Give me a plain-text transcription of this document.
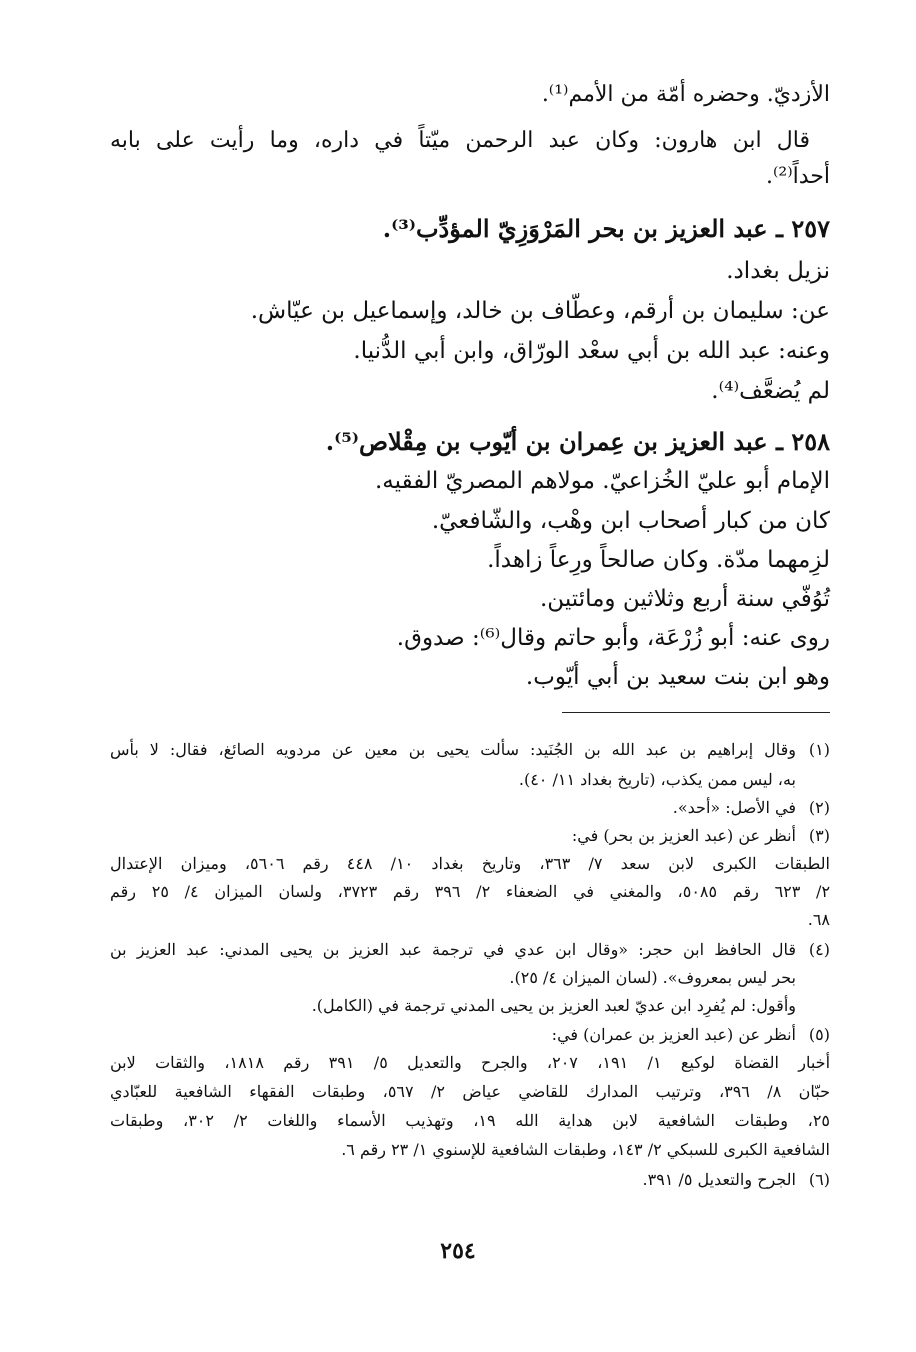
الأزديّ. وحضره أمّة من الأمم⁽¹⁾.
قال ابن هارون: وكان عبد الرحمن ميّتاً في داره، وما رأيت على بابه
أحداً⁽²⁾.
٢٥٧ ـ عبد العزيز بن بحر المَرْوَزِيّ المؤدِّب⁽³⁾.
نزيل بغداد.
عن: سليمان بن أرقم، وعطّاف بن خالد، وإسماعيل بن عيّاش.
وعنه: عبد الله بن أبي سعْد الورّاق، وابن أبي الدُّنيا.
لم يُضعَّف⁽⁴⁾.
٢٥٨ ـ عبد العزيز بن عِمران بن أيّوب بن مِقْلاص⁽⁵⁾.
الإمام أبو عليّ الخُزاعيّ. مولاهم المصريّ الفقيه.
كان من كبار أصحاب ابن وهْب، والشّافعيّ.
لزِمهما مدّة. وكان صالحاً ورِعاً زاهداً.
تُوُفّي سنة أربع وثلاثين ومائتين.
روى عنه: أبو زُرْعَة، وأبو حاتم وقال⁽⁶⁾: صدوق.
وهو ابن بنت سعيد بن أبي أيّوب.
(١)
وقال إبراهيم بن عبد الله بن الجُنَيد: سألت يحيى بن معين عن مردويه الصائغ، فقال: لا بأس
به، ليس ممن يكذب، (تاريخ بغداد ١١/ ٤٠).
(٢)
في الأصل: «أحد».
(٣)
أنظر عن (عبد العزيز بن بحر) في:
الطبقات الكبرى لابن سعد ٧/ ٣٦٣، وتاريخ بغداد ١٠/ ٤٤٨ رقم ٥٦٠٦، وميزان الإعتدال
٢/ ٦٢٣ رقم ٥٠٨٥، والمغني في الضعفاء ٢/ ٣٩٦ رقم ٣٧٢٣، ولسان الميزان ٤/ ٢٥ رقم
٦٨.
(٤)
قال الحافظ ابن حجر: «وقال ابن عدي في ترجمة عبد العزيز بن يحيى المدني: عبد العزيز بن
بحر ليس بمعروف». (لسان الميزان ٤/ ٢٥).
وأقول: لم يُفرِد ابن عديّ لعبد العزيز بن يحيى المدني ترجمة في (الكامل).
(٥)
أنظر عن (عبد العزيز بن عمران) في:
أخبار القضاة لوكيع ١/ ١٩١، ٢٠٧، والجرح والتعديل ٥/ ٣٩١ رقم ١٨١٨، والثقات لابن
حبّان ٨/ ٣٩٦، وترتيب المدارك للقاضي عياض ٢/ ٥٦٧، وطبقات الفقهاء الشافعية للعبّادي
٢٥، وطبقات الشافعية لابن هداية الله ١٩، وتهذيب الأسماء واللغات ٢/ ٣٠٢، وطبقات
الشافعية الكبرى للسبكي ٢/ ١٤٣، وطبقات الشافعية للإسنوي ١/ ٢٣ رقم ٦.
(٦)
الجرح والتعديل ٥/ ٣٩١.
٢٥٤
